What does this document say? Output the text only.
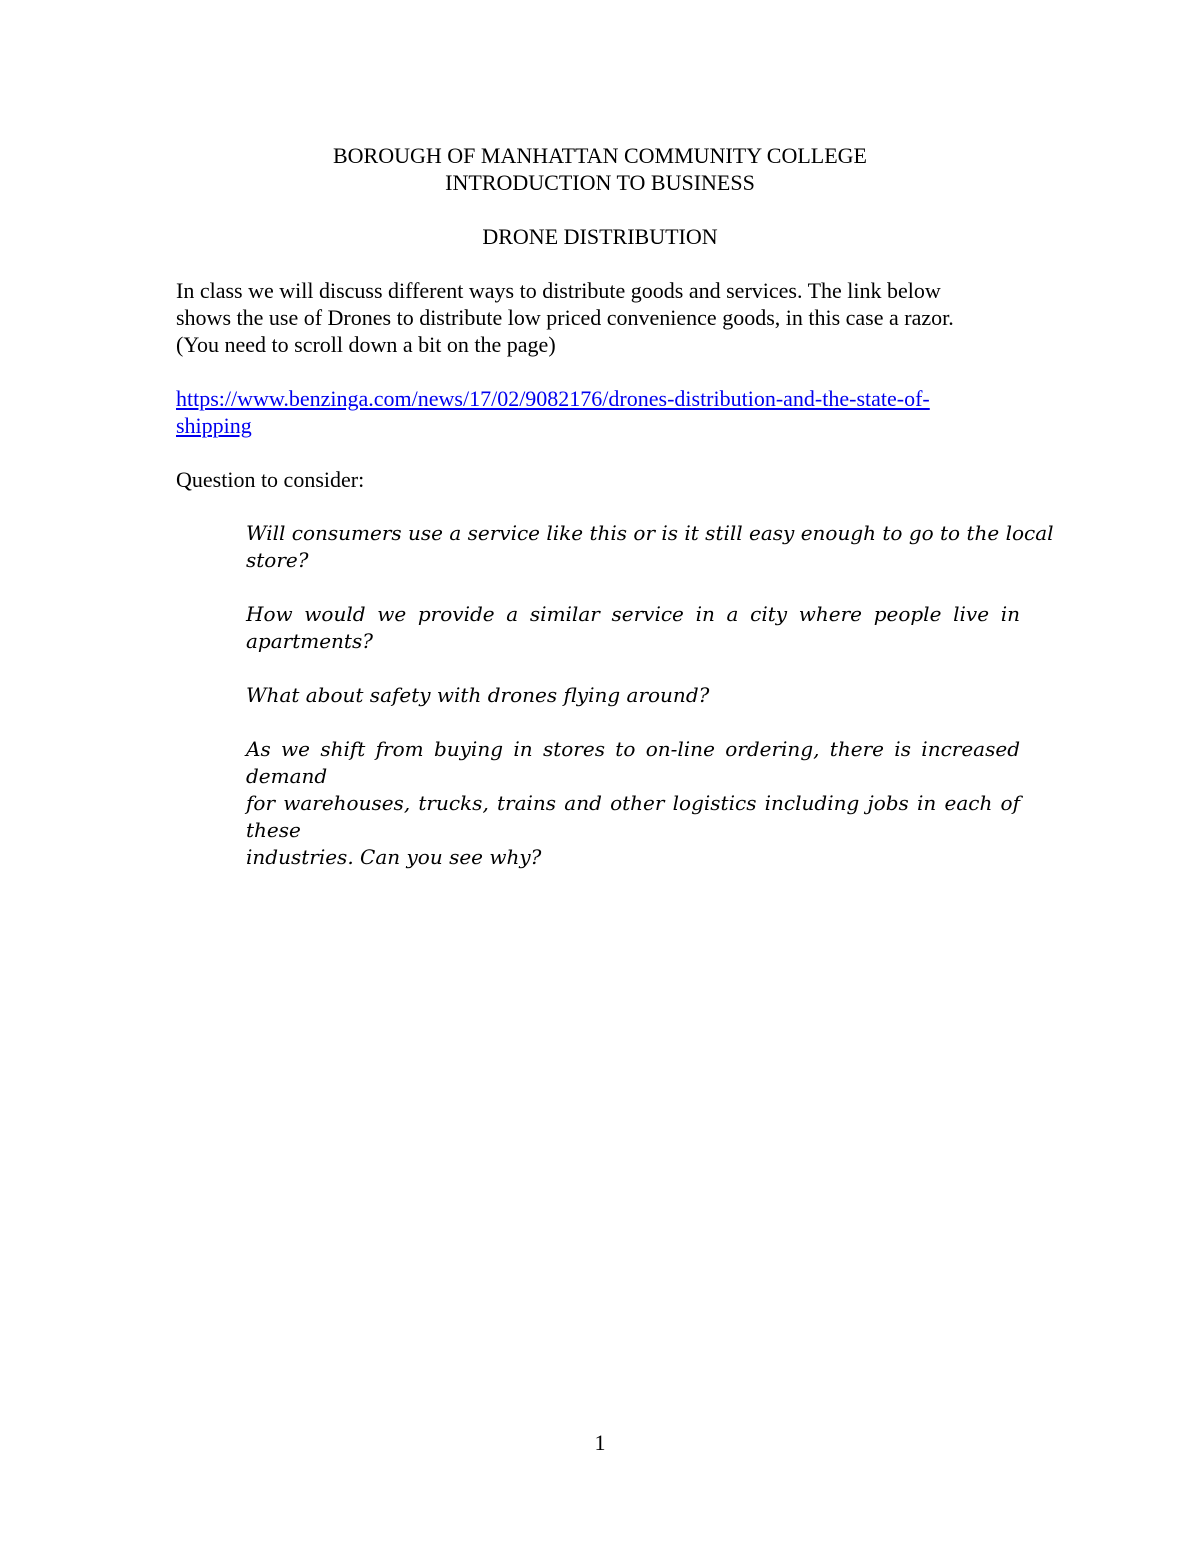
BOROUGH OF MANHATTAN COMMUNITY COLLEGE
INTRODUCTION TO BUSINESS
DRONE DISTRIBUTION
In class we will discuss different ways to distribute goods and services. The link below
shows the use of Drones to distribute low priced convenience goods, in this case a razor.
(You need to scroll down a bit on the page)
https://www.benzinga.com/news/17/02/9082176/drones-distribution-and-the-state-of-
shipping
Question to consider:

Will consumers use a service like this or is it still easy enough to go to the local
store?

How would we provide a similar service in a city where people live in
apartments?

What about safety with drones flying around?

As we shift from buying in stores to on-line ordering, there is increased demand
for warehouses, trucks, trains and other logistics including jobs in each of these
industries. Can you see why?

1
